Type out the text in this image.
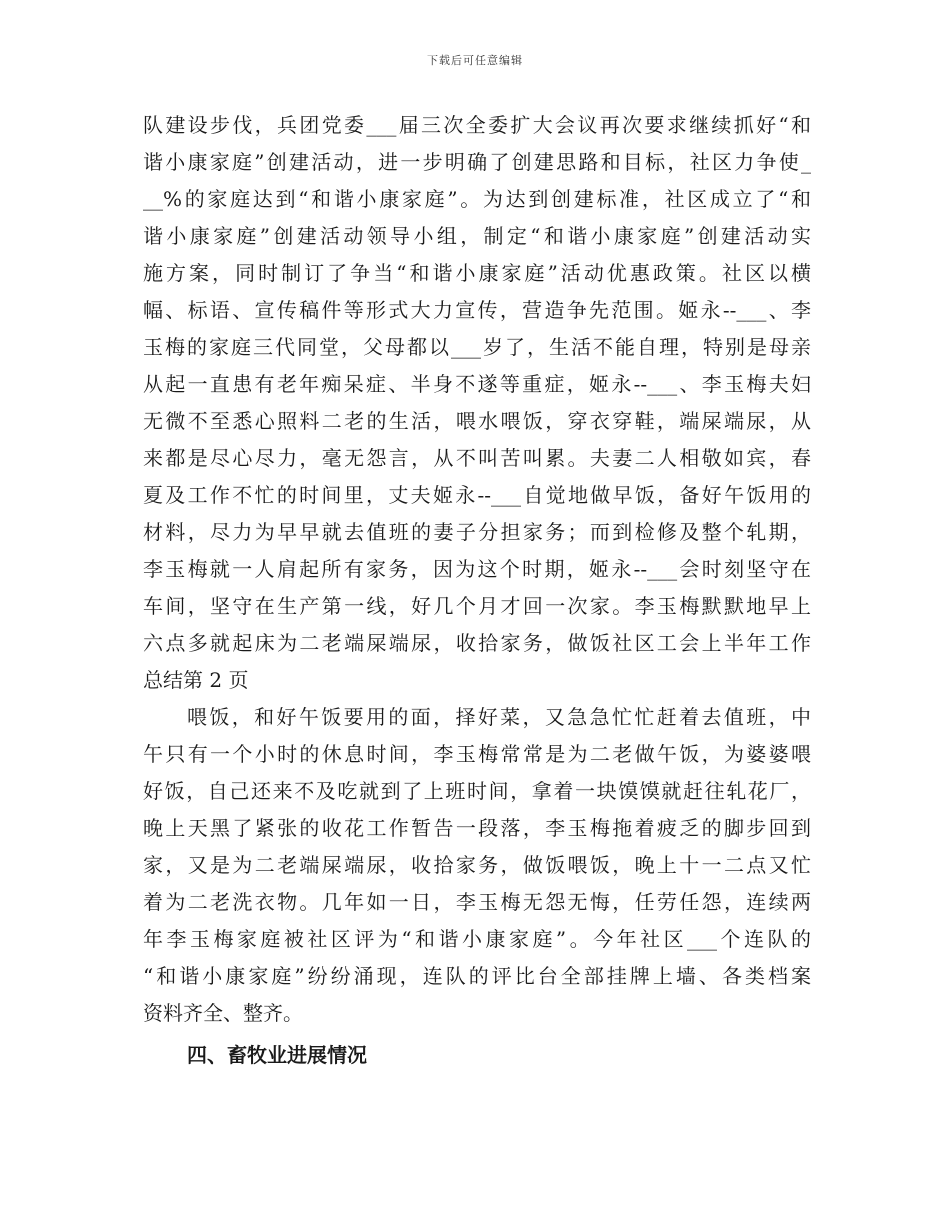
下载后可任意编辑
队建设步伐，兵团党委___届三次全委扩大会议再次要求继续抓好“和
谐小康家庭”创建活动，进一步明确了创建思路和目标，社区力争使_
__%的家庭达到“和谐小康家庭”。为达到创建标准，社区成立了“和
谐小康家庭”创建活动领导小组，制定“和谐小康家庭”创建活动实
施方案，同时制订了争当“和谐小康家庭”活动优惠政策。社区以横
幅、标语、宣传稿件等形式大力宣传，营造争先范围。姬永--___、李
玉梅的家庭三代同堂，父母都以___岁了，生活不能自理，特别是母亲
从起一直患有老年痴呆症、半身不遂等重症，姬永--___、李玉梅夫妇
无微不至悉心照料二老的生活，喂水喂饭，穿衣穿鞋，端屎端尿，从
来都是尽心尽力，毫无怨言，从不叫苦叫累。夫妻二人相敬如宾，春
夏及工作不忙的时间里，丈夫姬永--___自觉地做早饭，备好午饭用的
材料，尽力为早早就去值班的妻子分担家务；而到检修及整个轧期，
李玉梅就一人肩起所有家务，因为这个时期，姬永--___会时刻坚守在
车间，坚守在生产第一线，好几个月才回一次家。李玉梅默默地早上
六点多就起床为二老端屎端尿，收拾家务，做饭社区工会上半年工作
总结第 2 页
喂饭，和好午饭要用的面，择好菜，又急急忙忙赶着去值班，中
午只有一个小时的休息时间，李玉梅常常是为二老做午饭，为婆婆喂
好饭，自己还来不及吃就到了上班时间，拿着一块馍馍就赶往轧花厂，
晚上天黑了紧张的收花工作暂告一段落，李玉梅拖着疲乏的脚步回到
家，又是为二老端屎端尿，收拾家务，做饭喂饭，晚上十一二点又忙
着为二老洗衣物。几年如一日，李玉梅无怨无悔，任劳任怨，连续两
年李玉梅家庭被社区评为“和谐小康家庭”。今年社区___个连队的
“和谐小康家庭”纷纷涌现，连队的评比台全部挂牌上墙、各类档案
资料齐全、整齐。
四、畜牧业进展情况
